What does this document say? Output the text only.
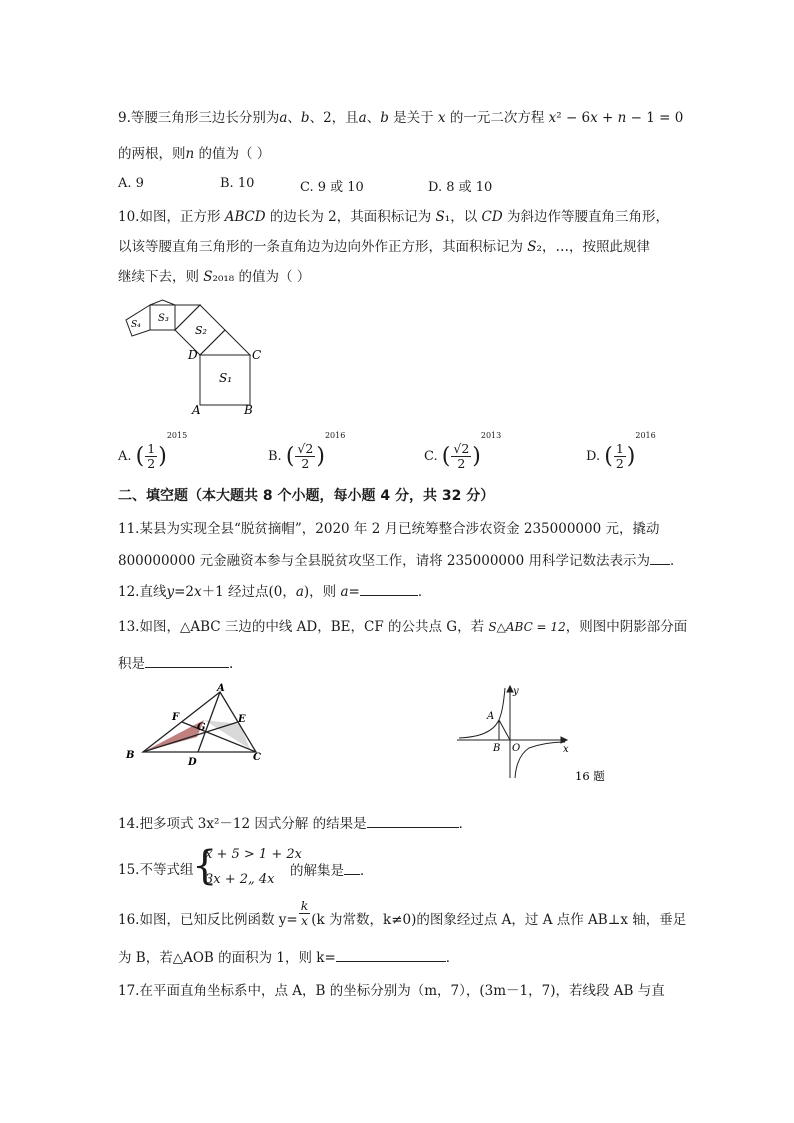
9.等腰三角形三边长分别为𝑎、𝑏、2，且𝑎、𝑏 是关于 𝑥 的一元二次方程 𝑥² − 6𝑥 + 𝑛 − 1 = 0
的两根，则𝑛 的值为（ ）
A. 9	B. 10	C. 9 或 10	D. 8 或 10
10.如图，正方形 𝐴𝐵𝐶𝐷 的边长为 2，其面积标记为 𝑆₁，以 𝐶𝐷 为斜边作等腰直角三角形，
以该等腰直角三角形的一条直角边为边向外作正方形，其面积标记为 𝑆₂，…，按照此规律
继续下去，则 𝑆₂₀₁₈ 的值为（ ）
S₄
S₃
S₂
D	C
S₁
A	B
A. ( $\frac{1}{2} )^{2015}$
B. ( $\frac{√2}{2} )^{2016}$
C. ( $\frac{√2}{2} )^{2013}$
D. ( $\frac{1}{2} )^{2016}$
二、填空题（本大题共 8 个小题，每小题 4 分，共 32 分）
11.某县为实现全县“脱贫摘帽”，2020 年 2 月已统筹整合涉农资金 235000000 元，撬动
800000000 元金融资本参与全县脱贫攻坚工作，请将 235000000 用科学记数法表示为 ．
12.直线𝑦=2𝑥＋1 经过点(0，𝑎)，则 𝑎=	．
13.如图，△ABC 三边的中线 AD，BE，CF 的公共点 G，若 S△ABC = 12，则图中阴影部分面
积是	.
A
F
G
E
B
D	C
y
A
B O	x
16 题
14.把多项式 3x²－12 因式分解 的结果是	．
15.不等式组
{
𝑥 + 5 > 1 + 2𝑥
3𝑥 + 2„ 4𝑥
的解集是 ．
16.如图，已知反比例函数 $y= \frac{k}{x} (k$ 为常数，k≠0)的图象经过点 A，过 A 点作 AB⊥x 轴，垂足
为 B，若△AOB 的面积为 1，则 k=	．
17.在平面直角坐标系中，点 A，B 的坐标分别为（m，7），(3m－1，7)，若线段 AB 与直
